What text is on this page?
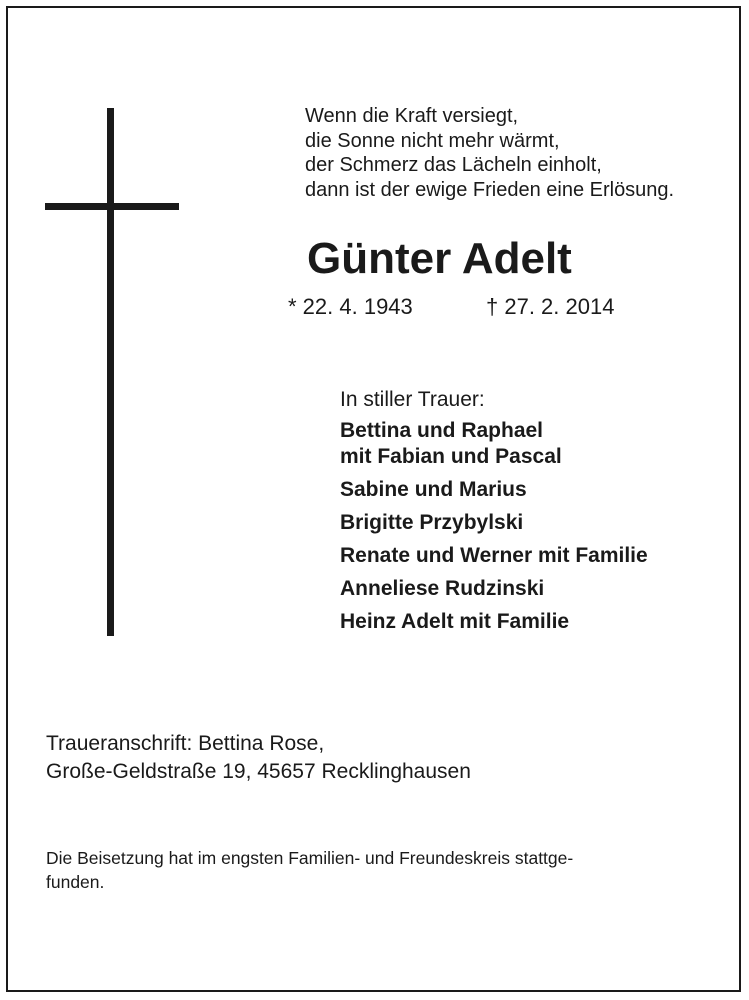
Wenn die Kraft versiegt,
die Sonne nicht mehr wärmt,
der Schmerz das Lächeln einholt,
dann ist der ewige Frieden eine Erlösung.
Günter Adelt
* 22. 4. 1943	† 27. 2. 2014
In stiller Trauer:
Bettina und Raphael
mit Fabian und Pascal
Sabine und Marius
Brigitte Przybylski
Renate und Werner mit Familie
Anneliese Rudzinski
Heinz Adelt mit Familie
Traueranschrift: Bettina Rose,
Große-Geldstraße 19, 45657 Recklinghausen
Die Beisetzung hat im engsten Familien- und Freundeskreis stattge-
funden.
